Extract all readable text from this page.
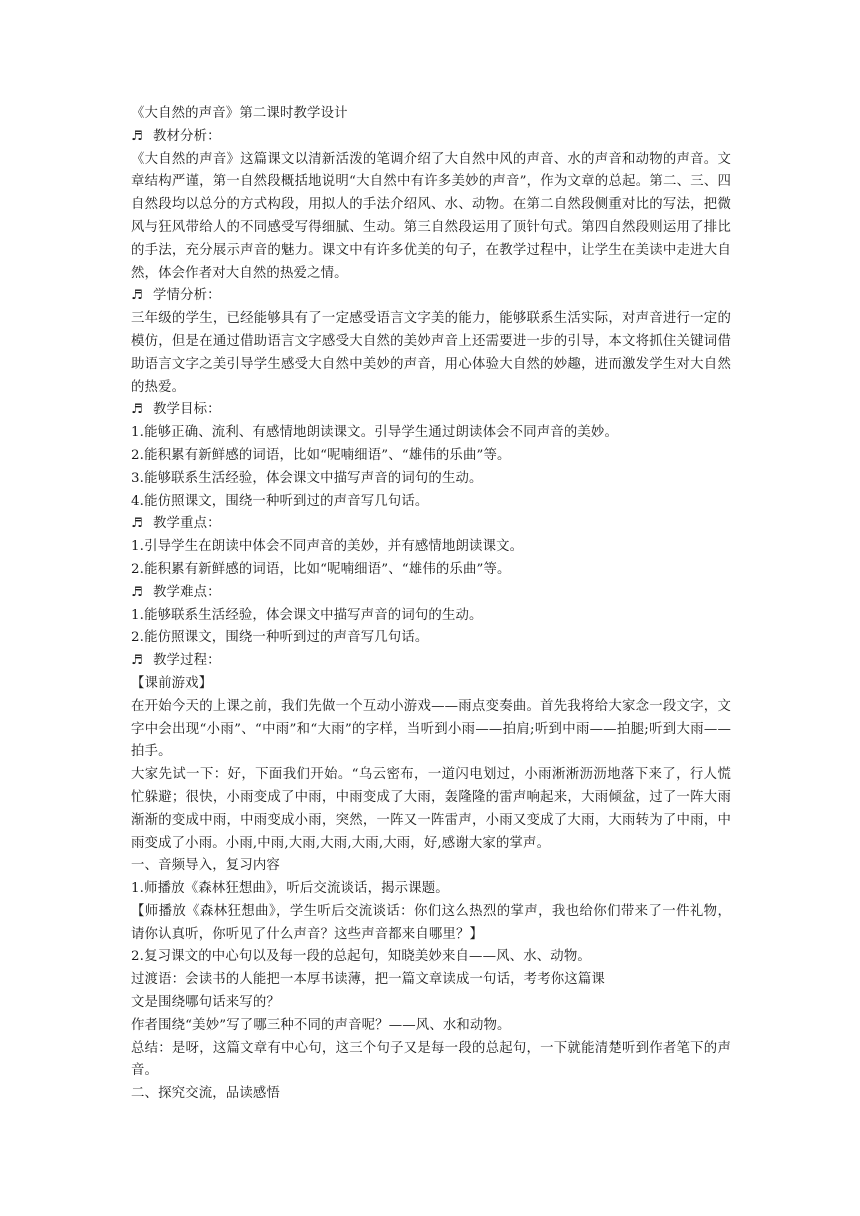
《大自然的声音》第二课时教学设计
♬ 教材分析：

《大自然的声音》这篇课文以清新活泼的笔调介绍了大自然中风的声音、水的声音和动物的声音。文章结构严谨，第一自然段概括地说明“大自然中有许多美妙的声音”，作为文章的总起。第二、三、四自然段均以总分的方式构段，用拟人的手法介绍风、水、动物。在第二自然段侧重对比的写法，把微风与狂风带给人的不同感受写得细腻、生动。第三自然段运用了顶针句式。第四自然段则运用了排比的手法，充分展示声音的魅力。课文中有许多优美的句子，在教学过程中，让学生在美读中走进大自然，体会作者对大自然的热爱之情。

♬ 学情分析：

三年级的学生，已经能够具有了一定感受语言文字美的能力，能够联系生活实际，对声音进行一定的模仿，但是在通过借助语言文字感受大自然的美妙声音上还需要进一步的引导，本文将抓住关键词借助语言文字之美引导学生感受大自然中美妙的声音，用心体验大自然的妙趣，进而激发学生对大自然的热爱。

♬ 教学目标：
1.能够正确、流利、有感情地朗读课文。引导学生通过朗读体会不同声音的美妙。
2.能积累有新鲜感的词语，比如“呢喃细语”、“雄伟的乐曲”等。
3.能够联系生活经验，体会课文中描写声音的词句的生动。
4.能仿照课文，围绕一种听到过的声音写几句话。
♬ 教学重点：
1.引导学生在朗读中体会不同声音的美妙，并有感情地朗读课文。
2.能积累有新鲜感的词语，比如“呢喃细语”、“雄伟的乐曲”等。
♬ 教学难点：
1.能够联系生活经验，体会课文中描写声音的词句的生动。
2.能仿照课文，围绕一种听到过的声音写几句话。
♬ 教学过程：
【课前游戏】

在开始今天的上课之前，我们先做一个互动小游戏——雨点变奏曲。首先我将给大家念一段文字，文字中会出现“小雨”、“中雨”和“大雨”的字样，当听到小雨——拍肩;听到中雨——拍腿;听到大雨——拍手。

大家先试一下：好，下面我们开始。“乌云密布，一道闪电划过，小雨淅淅沥沥地落下来了，行人慌忙躲避；很快，小雨变成了中雨，中雨变成了大雨，轰隆隆的雷声响起来，大雨倾盆，过了一阵大雨渐渐的变成中雨，中雨变成小雨，突然，一阵又一阵雷声，小雨又变成了大雨，大雨转为了中雨，中雨变成了小雨。小雨,中雨,大雨,大雨,大雨,大雨，好,感谢大家的掌声。

一、音频导入，复习内容
1.师播放《森林狂想曲》，听后交流谈话，揭示课题。

【师播放《森林狂想曲》，学生听后交流谈话：你们这么热烈的掌声，我也给你们带来了一件礼物，请你认真听，你听见了什么声音？这些声音都来自哪里？】

2.复习课文的中心句以及每一段的总起句，知晓美妙来自——风、水、动物。
过渡语：会读书的人能把一本厚书读薄，把一篇文章读成一句话，考考你这篇课
文是围绕哪句话来写的？
作者围绕“美妙”写了哪三种不同的声音呢？——风、水和动物。

总结：是呀，这篇文章有中心句，这三个句子又是每一段的总起句，一下就能清楚听到作者笔下的声音。

二、探究交流，品读感悟
